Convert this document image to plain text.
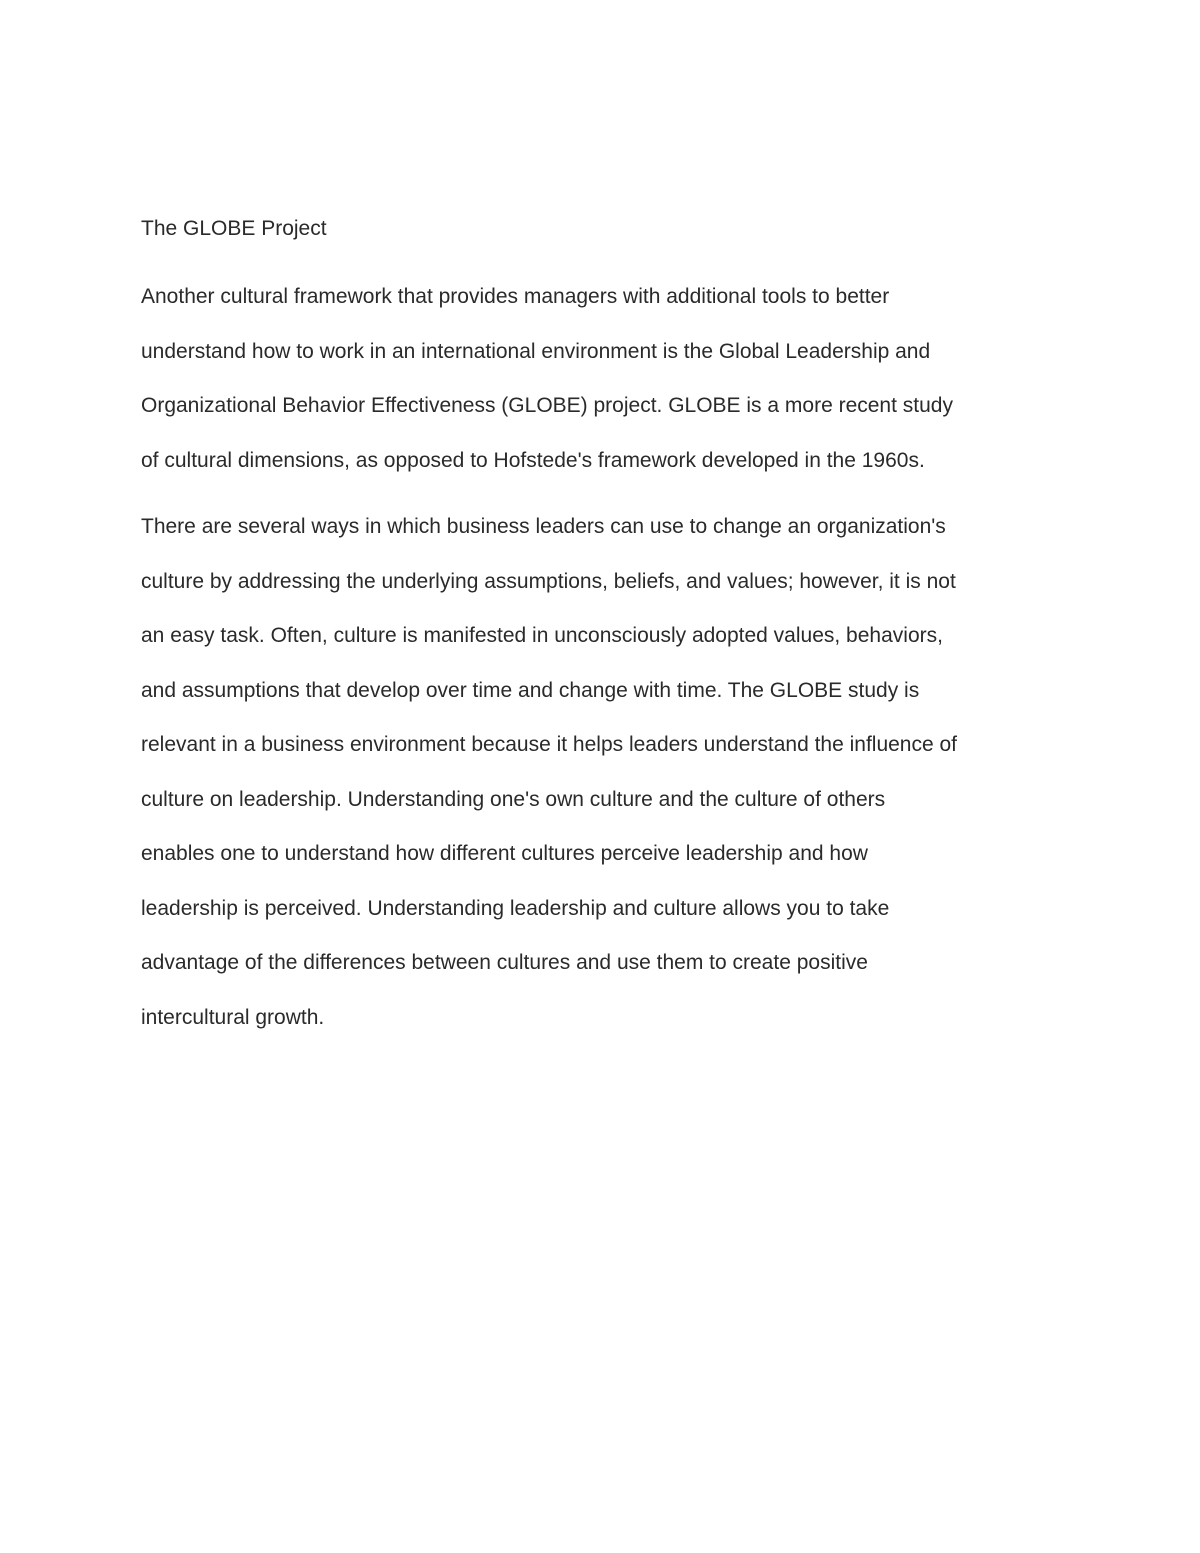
The GLOBE Project

Another cultural framework that provides managers with additional tools to better
understand how to work in an international environment is the Global Leadership and
Organizational Behavior Effectiveness (GLOBE) project. GLOBE is a more recent study
of cultural dimensions, as opposed to Hofstede's framework developed in the 1960s.

There are several ways in which business leaders can use to change an organization's
culture by addressing the underlying assumptions, beliefs, and values; however, it is not
an easy task. Often, culture is manifested in unconsciously adopted values, behaviors,
and assumptions that develop over time and change with time. The GLOBE study is
relevant in a business environment because it helps leaders understand the influence of
culture on leadership. Understanding one's own culture and the culture of others
enables one to understand how different cultures perceive leadership and how
leadership is perceived. Understanding leadership and culture allows you to take
advantage of the differences between cultures and use them to create positive
intercultural growth.
